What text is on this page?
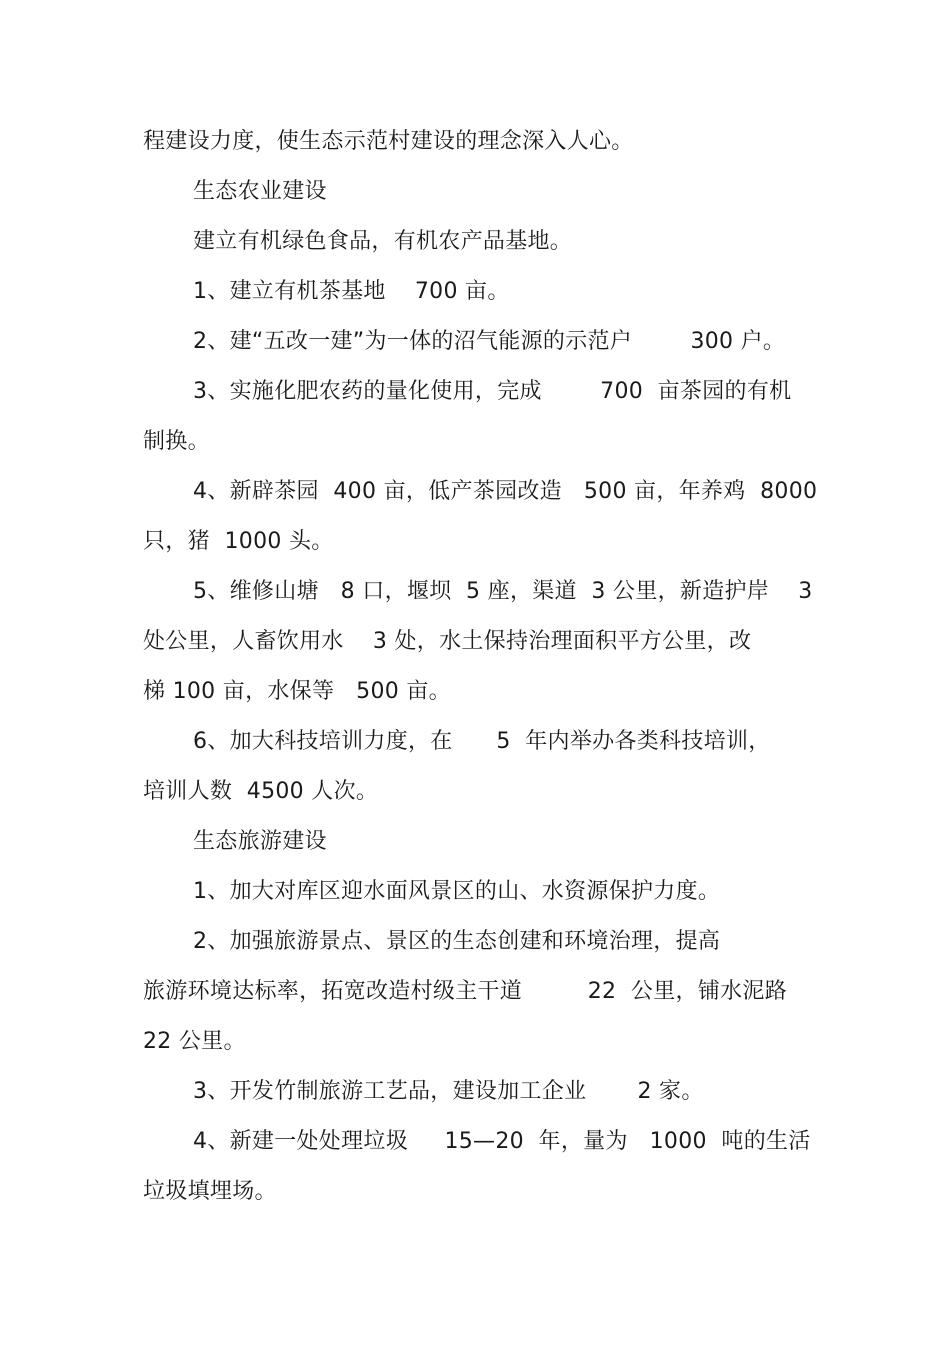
程建设力度，使生态示范村建设的理念深入人心。
生态农业建设
建立有机绿色食品，有机农产品基地。
1、建立有机茶基地    700 亩。
2、建“五改一建”为一体的沼气能源的示范户        300 户。
3、实施化肥农药的量化使用，完成        700  亩茶园的有机
制换。
4、新辟茶园  400 亩，低产茶园改造   500 亩，年养鸡  8000
只，猪  1000 头。
5、维修山塘   8 口，堰坝  5 座，渠道  3 公里，新造护岸    3
处公里，人畜饮用水    3 处，水土保持治理面积平方公里，改
梯 100 亩，水保等   500 亩。
6、加大科技培训力度，在      5  年内举办各类科技培训，
培训人数  4500 人次。
生态旅游建设
1、加大对库区迎水面风景区的山、水资源保护力度。
2、加强旅游景点、景区的生态创建和环境治理，提高
旅游环境达标率，拓宽改造村级主干道         22  公里，铺水泥路
22 公里。
3、开发竹制旅游工艺品，建设加工企业       2 家。
4、新建一处处理垃圾     15—20  年，量为   1000  吨的生活
垃圾填埋场。
